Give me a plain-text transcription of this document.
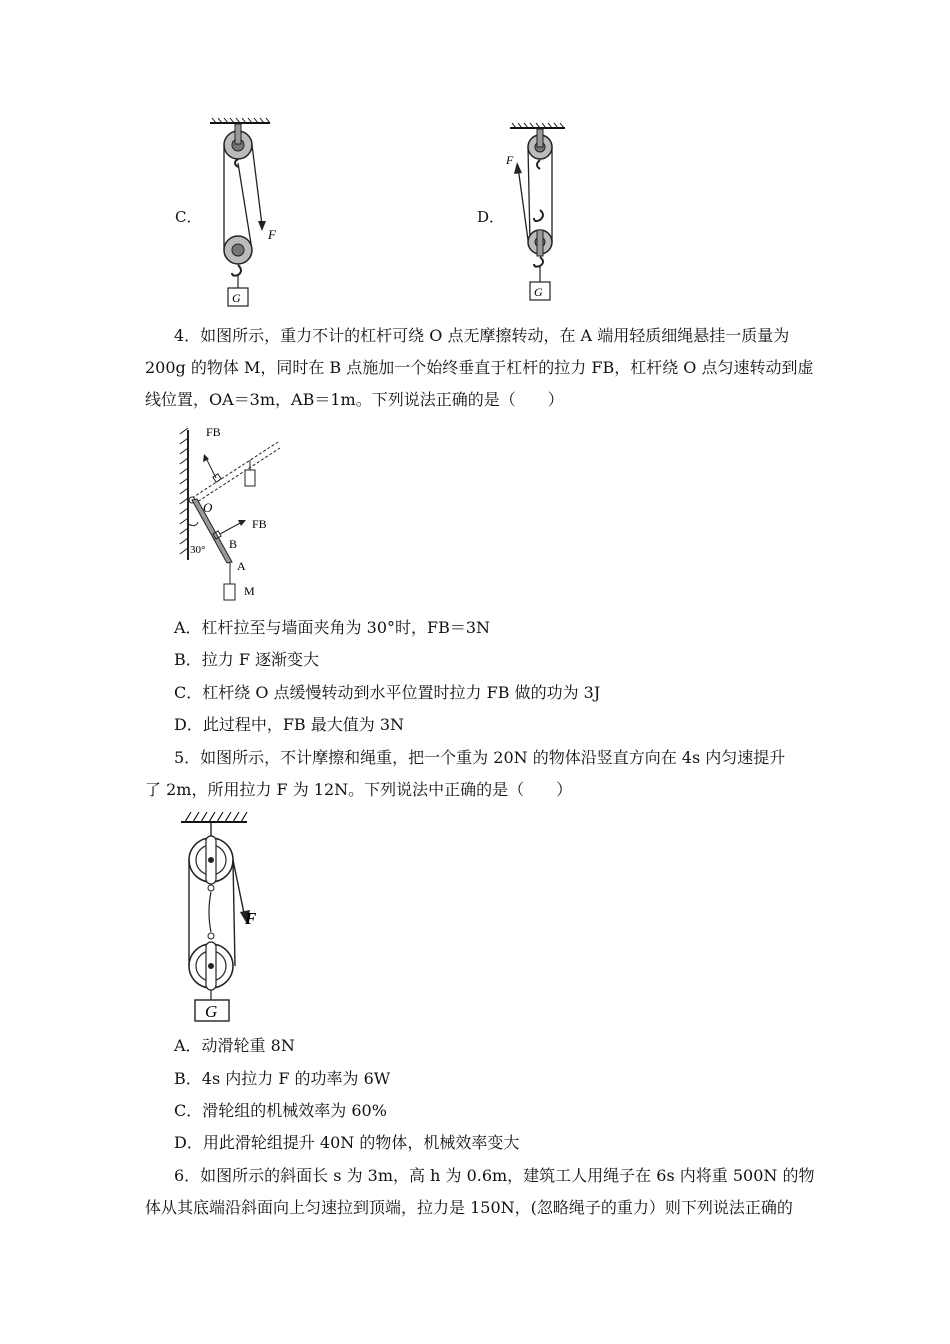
C．
F
G
D．
F
G
4．如图所示，重力不计的杠杆可绕 O 点无摩擦转动，在 A 端用轻质细绳悬挂一质量为
200g 的物体 M，同时在 B 点施加一个始终垂直于杠杆的拉力 FB，杠杆绕 O 点匀速转动到虚
线位置，OA＝3m，AB＝1m。下列说法正确的是（　　）
FB
O
FB
30° B
A
M
A．杠杆拉至与墙面夹角为 30°时，FB＝3N
B．拉力 F 逐渐变大
C．杠杆绕 O 点缓慢转动到水平位置时拉力 FB 做的功为 3J
D．此过程中，FB 最大值为 3N
5．如图所示，不计摩擦和绳重，把一个重为 20N 的物体沿竖直方向在 4s 内匀速提升
了 2m，所用拉力 F 为 12N。下列说法中正确的是（　　）
F
G
A．动滑轮重 8N
B．4s 内拉力 F 的功率为 6W
C．滑轮组的机械效率为 60%
D．用此滑轮组提升 40N 的物体，机械效率变大
6．如图所示的斜面长 s 为 3m，高 h 为 0.6m，建筑工人用绳子在 6s 内将重 500N 的物
体从其底端沿斜面向上匀速拉到顶端，拉力是 150N，(忽略绳子的重力）则下列说法正确的
